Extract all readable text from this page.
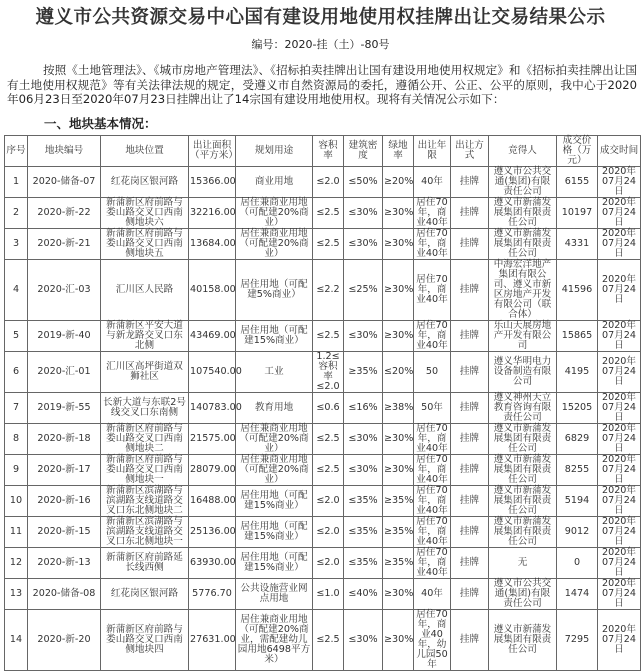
遵义市公共资源交易中心国有建设用地使用权挂牌出让交易结果公示
编号：2020-挂（土）-80号
按照《土地管理法》、《城市房地产管理法》、《招标拍卖挂牌出让国有建设用地使用权规定》和《招标拍卖挂牌出让国有土地使用权规范》等有关法律法规的规定，受遵义市自然资源局的委托，遵循公开、公正、公平的原则，我中心于2020年06月23日至2020年07月23日挂牌出让了14宗国有建设用地使用权。现将有关情况公示如下：
一、地块基本情况：
序号	地块编号	地块位置	出让面积（平方米）	规划用途	容积率	建筑密度	绿地率	出让年限	出让方式	竞得人	成交价格（万元）	成交时间
1	2020-储备-07	红花岗区银河路	15366.00	商业用地	≤2.0	≤50%	≥20%	40年	挂牌	遵义市公共交通(集团)有限责任公司	6155	2020年07月24日
2	2020-新-22	新蒲新区府前路与娄山路交叉口西南侧地块六	32216.00	居住兼商业用地（可配建20%商业）	≤2.5	≤30%	≥30%	居住70年，商业40年	挂牌	遵义市新蒲发展集团有限责任公司	10197	2020年07月24日
3	2020-新-21	新蒲新区府前路与娄山路交叉口西南侧地块五	13684.00	居住兼商业用地（可配建20%商业）	≤2.5	≤30%	≥30%	居住70年，商业40年	挂牌	遵义市新蒲发展集团有限责任公司	4331	2020年07月24日
4	2020-汇-03	汇川区人民路	40158.00	居住用地（可配建5%商业）	≤2.2	≤25%	≥30%	居住70年，商业40年	挂牌	中海宏洋地产集团有限公司、遵义市新区房地产开发有限公司（联合体）	41596	2020年07月24日
5	2019-新-40	新蒲新区平安大道与新龙路交叉口东北侧	43469.00	居住用地（可配建15%商业）	≤2.5	≤30%	≥30%	居住70年，商业40年	挂牌	乐山天展房地产开发有限公司	15865	2020年07月24日
6	2020-汇-01	汇川区高坪街道双狮社区	107540.00	工业	1.2≤容积率≤2.0	≥35%	≤20%	50	挂牌	遵义华明电力设备制造有限公司	4195	2020年07月24日
7	2019-新-55	长新大道与东联2号线交叉口东南侧	140783.00	教育用地	≤0.6	≤16%	≥38%	50年	挂牌	遵义神州天立教育咨询有限责任公司	15205	2020年07月24日
8	2020-新-18	新蒲新区府前路与娄山路交叉口西南侧地块二	21575.00	居住兼商业用地（可配建20%商业）	≤2.5	≤30%	≥30%	居住70年，商业40年	挂牌	遵义市新蒲发展集团有限责任公司	6829	2020年07月24日
9	2020-新-17	新蒲新区府前路与娄山路交叉口西南侧地块一	28079.00	居住兼商业用地（可配建20%商业）	≤2.5	≤30%	≥30%	居住70年，商业40年	挂牌	遵义市新蒲发展集团有限责任公司	8255	2020年07月24日
10	2020-新-16	新蒲新区滨湖路与滨湖路支线道路交叉口东北侧地块二	16488.00	居住用地（可配建15%商业）	≤2.0	≤35%	≥35%	居住70年，商业40年	挂牌	遵义市新蒲发展集团有限责任公司	5194	2020年07月24日
11	2020-新-15	新蒲新区滨湖路与滨湖路支线道路交叉口东北侧地块一	25136.00	居住用地（可配建15%商业）	≤2.0	≤35%	≥35%	居住70年，商业40年	挂牌	遵义市新蒲发展集团有限责任公司	9012	2020年07月24日
12	2020-新-13	新蒲新区府前路延长线西侧	63930.00	居住用地（可配建15%商业）	≤2.0	≤35%	≥35%	居住70年，商业40年	挂牌	无	0	2020年07月24日
13	2020-储备-08	红花岗区银河路	5776.70	公共设施营业网点用地	≤1.0	≤40%	≥30%	40年	挂牌	遵义市公共交通(集团)有限责任公司	1474	2020年07月24日
14	2020-新-20	新蒲新区府前路与娄山路交叉口西南侧地块四	27631.00	居住兼商业用地（可配建20%商业，需配建幼儿园用地6498平方米）	≤2.5	≤30%	≥30%	居住70年，商业40年，幼儿园50年	挂牌	遵义市新蒲发展集团有限责任公司	7295	2020年07月24日
